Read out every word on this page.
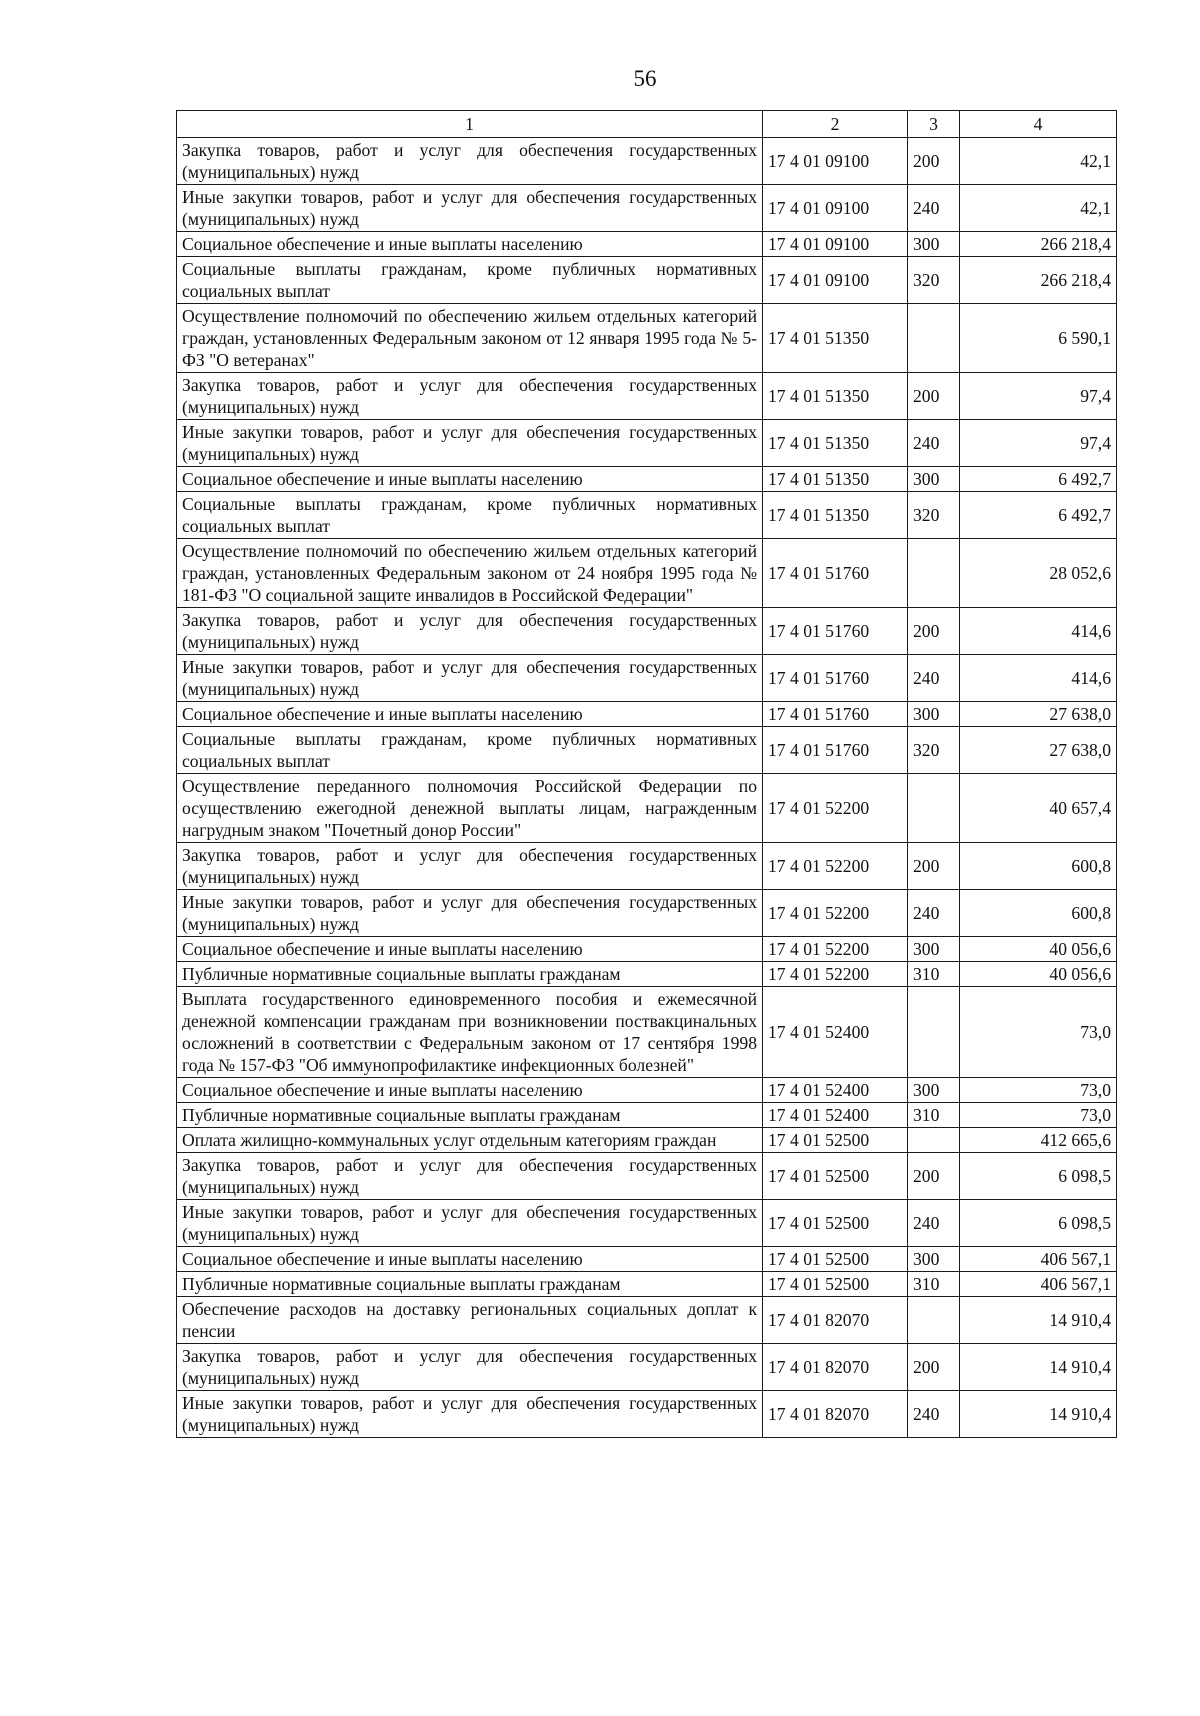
56
1	2	3	4
Закупка товаров, работ и услуг для обеспечения государственных (муниципальных) нужд	17 4 01 09100	200	42,1
Иные закупки товаров, работ и услуг для обеспечения государственных (муниципальных) нужд	17 4 01 09100	240	42,1
Социальное обеспечение и иные выплаты населению	17 4 01 09100	300	266 218,4
Социальные выплаты гражданам, кроме публичных нормативных социальных выплат	17 4 01 09100	320	266 218,4
Осуществление полномочий по обеспечению жильем отдельных категорий граждан, установленных Федеральным законом от 12 января 1995 года № 5-ФЗ "О ветеранах"	17 4 01 51350		6 590,1
Закупка товаров, работ и услуг для обеспечения государственных (муниципальных) нужд	17 4 01 51350	200	97,4
Иные закупки товаров, работ и услуг для обеспечения государственных (муниципальных) нужд	17 4 01 51350	240	97,4
Социальное обеспечение и иные выплаты населению	17 4 01 51350	300	6 492,7
Социальные выплаты гражданам, кроме публичных нормативных социальных выплат	17 4 01 51350	320	6 492,7
Осуществление полномочий по обеспечению жильем отдельных категорий граждан, установленных Федеральным законом от 24 ноября 1995 года № 181-ФЗ "О социальной защите инвалидов в Российской Федерации"	17 4 01 51760		28 052,6
Закупка товаров, работ и услуг для обеспечения государственных (муниципальных) нужд	17 4 01 51760	200	414,6
Иные закупки товаров, работ и услуг для обеспечения государственных (муниципальных) нужд	17 4 01 51760	240	414,6
Социальное обеспечение и иные выплаты населению	17 4 01 51760	300	27 638,0
Социальные выплаты гражданам, кроме публичных нормативных социальных выплат	17 4 01 51760	320	27 638,0
Осуществление переданного полномочия Российской Федерации по осуществлению ежегодной денежной выплаты лицам, награжденным нагрудным знаком "Почетный донор России"	17 4 01 52200		40 657,4
Закупка товаров, работ и услуг для обеспечения государственных (муниципальных) нужд	17 4 01 52200	200	600,8
Иные закупки товаров, работ и услуг для обеспечения государственных (муниципальных) нужд	17 4 01 52200	240	600,8
Социальное обеспечение и иные выплаты населению	17 4 01 52200	300	40 056,6
Публичные нормативные социальные выплаты гражданам	17 4 01 52200	310	40 056,6
Выплата государственного единовременного пособия и ежемесячной денежной компенсации гражданам при возникновении поствакцинальных осложнений в соответствии с Федеральным законом от 17 сентября 1998 года № 157-ФЗ "Об иммунопрофилактике инфекционных болезней"	17 4 01 52400		73,0
Социальное обеспечение и иные выплаты населению	17 4 01 52400	300	73,0
Публичные нормативные социальные выплаты гражданам	17 4 01 52400	310	73,0
Оплата жилищно-коммунальных услуг отдельным категориям граждан	17 4 01 52500		412 665,6
Закупка товаров, работ и услуг для обеспечения государственных (муниципальных) нужд	17 4 01 52500	200	6 098,5
Иные закупки товаров, работ и услуг для обеспечения государственных (муниципальных) нужд	17 4 01 52500	240	6 098,5
Социальное обеспечение и иные выплаты населению	17 4 01 52500	300	406 567,1
Публичные нормативные социальные выплаты гражданам	17 4 01 52500	310	406 567,1
Обеспечение расходов на доставку региональных социальных доплат к пенсии	17 4 01 82070		14 910,4
Закупка товаров, работ и услуг для обеспечения государственных (муниципальных) нужд	17 4 01 82070	200	14 910,4
Иные закупки товаров, работ и услуг для обеспечения государственных (муниципальных) нужд	17 4 01 82070	240	14 910,4
